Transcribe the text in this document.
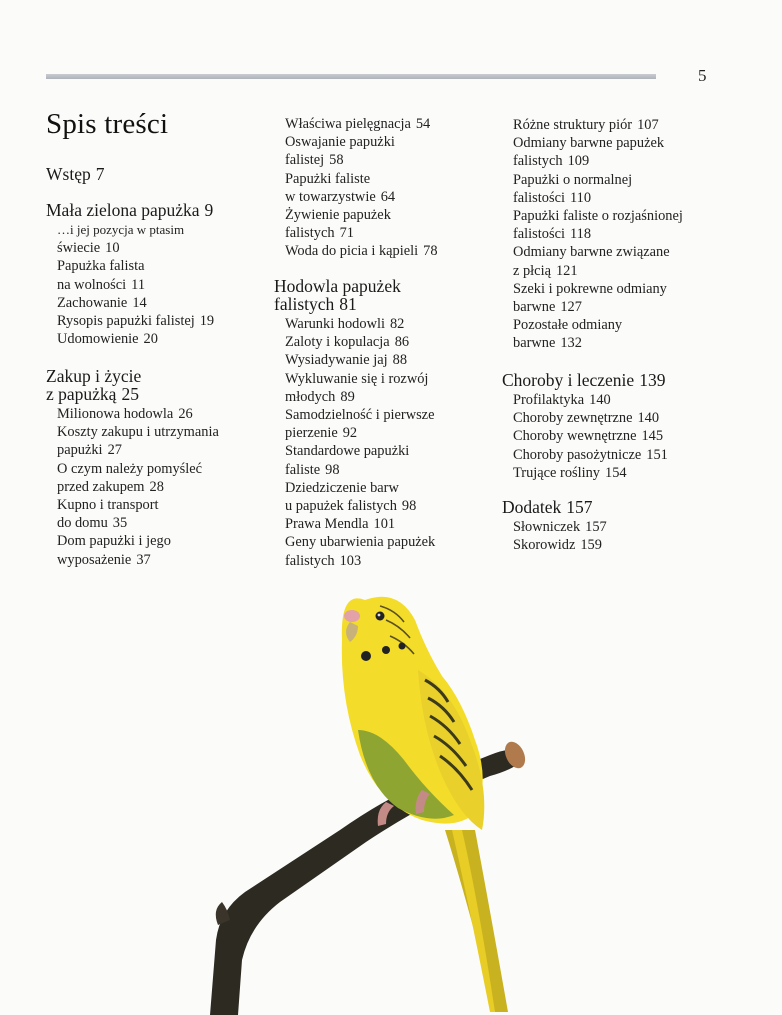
5
Spis treści
Wstęp 7
Mała zielona papużka 9
…i jej pozycja w ptasim
świecie 10
Papużka falista
na wolności 11
Zachowanie 14
Rysopis papużki falistej 19
Udomowienie 20
Zakup i życie
z papużką 25
Milionowa hodowla 26
Koszty zakupu i utrzymania
papużki 27
O czym należy pomyśleć
przed zakupem 28
Kupno i transport
do domu 35
Dom papużki i jego
wyposażenie 37
Właściwa pielęgnacja 54
Oswajanie papużki
falistej 58
Papużki faliste
w towarzystwie 64
Żywienie papużek
falistych 71
Woda do picia i kąpieli 78
Hodowla papużek
falistych 81
Warunki hodowli 82
Zaloty i kopulacja 86
Wysiadywanie jaj 88
Wykluwanie się i rozwój
młodych 89
Samodzielność i pierwsze
pierzenie 92
Standardowe papużki
faliste 98
Dziedziczenie barw
u papużek falistych 98
Prawa Mendla 101
Geny ubarwienia papużek
falistych 103
Różne struktury piór 107
Odmiany barwne papużek
falistych 109
Papużki o normalnej
falistości 110
Papużki faliste o rozjaśnionej
falistości 118
Odmiany barwne związane
z płcią 121
Szeki i pokrewne odmiany
barwne 127
Pozostałe odmiany
barwne 132
Choroby i leczenie 139
Profilaktyka 140
Choroby zewnętrzne 140
Choroby wewnętrzne 145
Choroby pasożytnicze 151
Trujące rośliny 154
Dodatek 157
Słowniczek 157
Skorowidz 159
